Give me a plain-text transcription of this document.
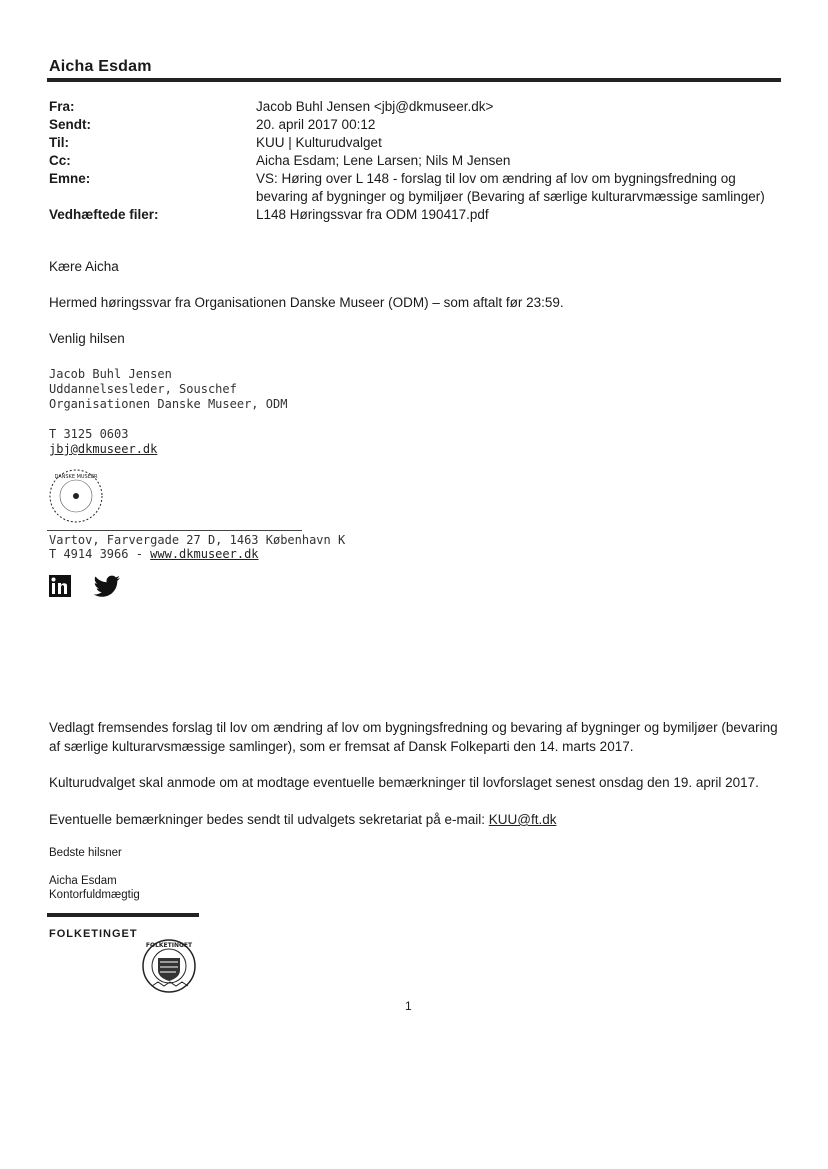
Aicha Esdam
Fra:	Jacob Buhl Jensen <jbj@dkmuseer.dk>
Sendt:	20. april 2017 00:12
Til:	KUU | Kulturudvalget
Cc:	Aicha Esdam; Lene Larsen; Nils M Jensen
Emne:	VS: Høring over L 148 - forslag til lov om ændring af lov om bygningsfredning og bevaring af bygninger og bymiljøer (Bevaring af særlige kulturarvmæssige samlinger)
Vedhæftede filer:	L148 Høringssvar fra ODM 190417.pdf
Kære Aicha
Hermed høringssvar fra Organisationen Danske Museer (ODM) – som aftalt før 23:59.
Venlig hilsen
Jacob Buhl Jensen
Uddannelsesleder, Souschef
Organisationen Danske Museer, ODM
T 3125 0603
jbj@dkmuseer.dk
DANSKE MUSEER
Vartov, Farvergade 27 D, 1463 København K
T 4914 3966 - www.dkmuseer.dk
Vedlagt fremsendes forslag til lov om ændring af lov om bygningsfredning og bevaring af bygninger og bymiljøer (bevaring af særlige kulturarvsmæssige samlinger), som er fremsat af Dansk Folkeparti den 14. marts 2017.
Kulturudvalget skal anmode om at modtage eventuelle bemærkninger til lovforslaget senest onsdag den 19. april 2017.
Eventuelle bemærkninger bedes sendt til udvalgets sekretariat på e-mail: KUU@ft.dk
Bedste hilsner
Aicha Esdam
Kontorfuldmægtig
FOLKETINGET
FOLKETINGET
1
